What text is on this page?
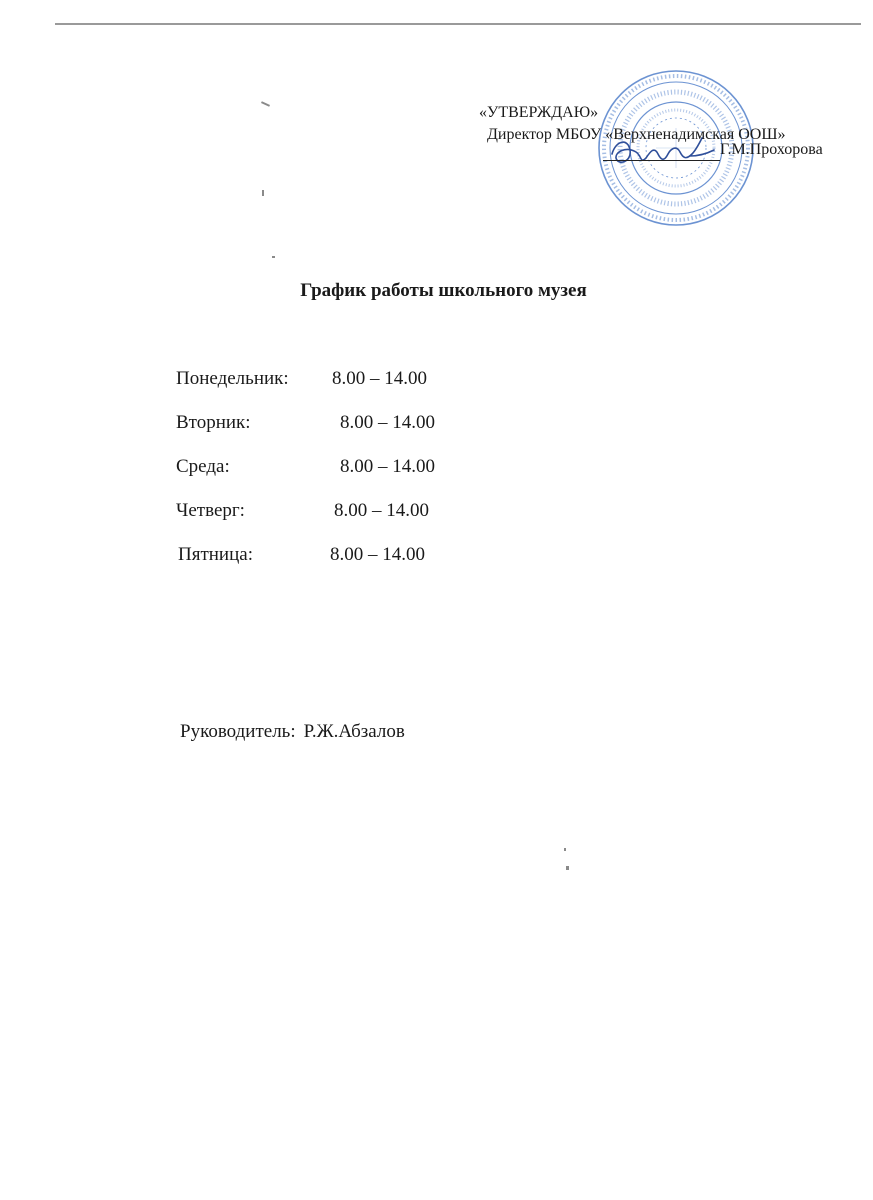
«УТВЕРЖДАЮ»
Директор МБОУ «Верхненадимская ООШ»
Г.М.Прохорова
График работы школьного музея
Понедельник: 8.00 – 14.00
Вторник:	8.00 – 14.00
Среда:	8.00 – 14.00
Четверг:	8.00 – 14.00
Пятница:	8.00 – 14.00
Руководитель: Р.Ж.Абзалов
